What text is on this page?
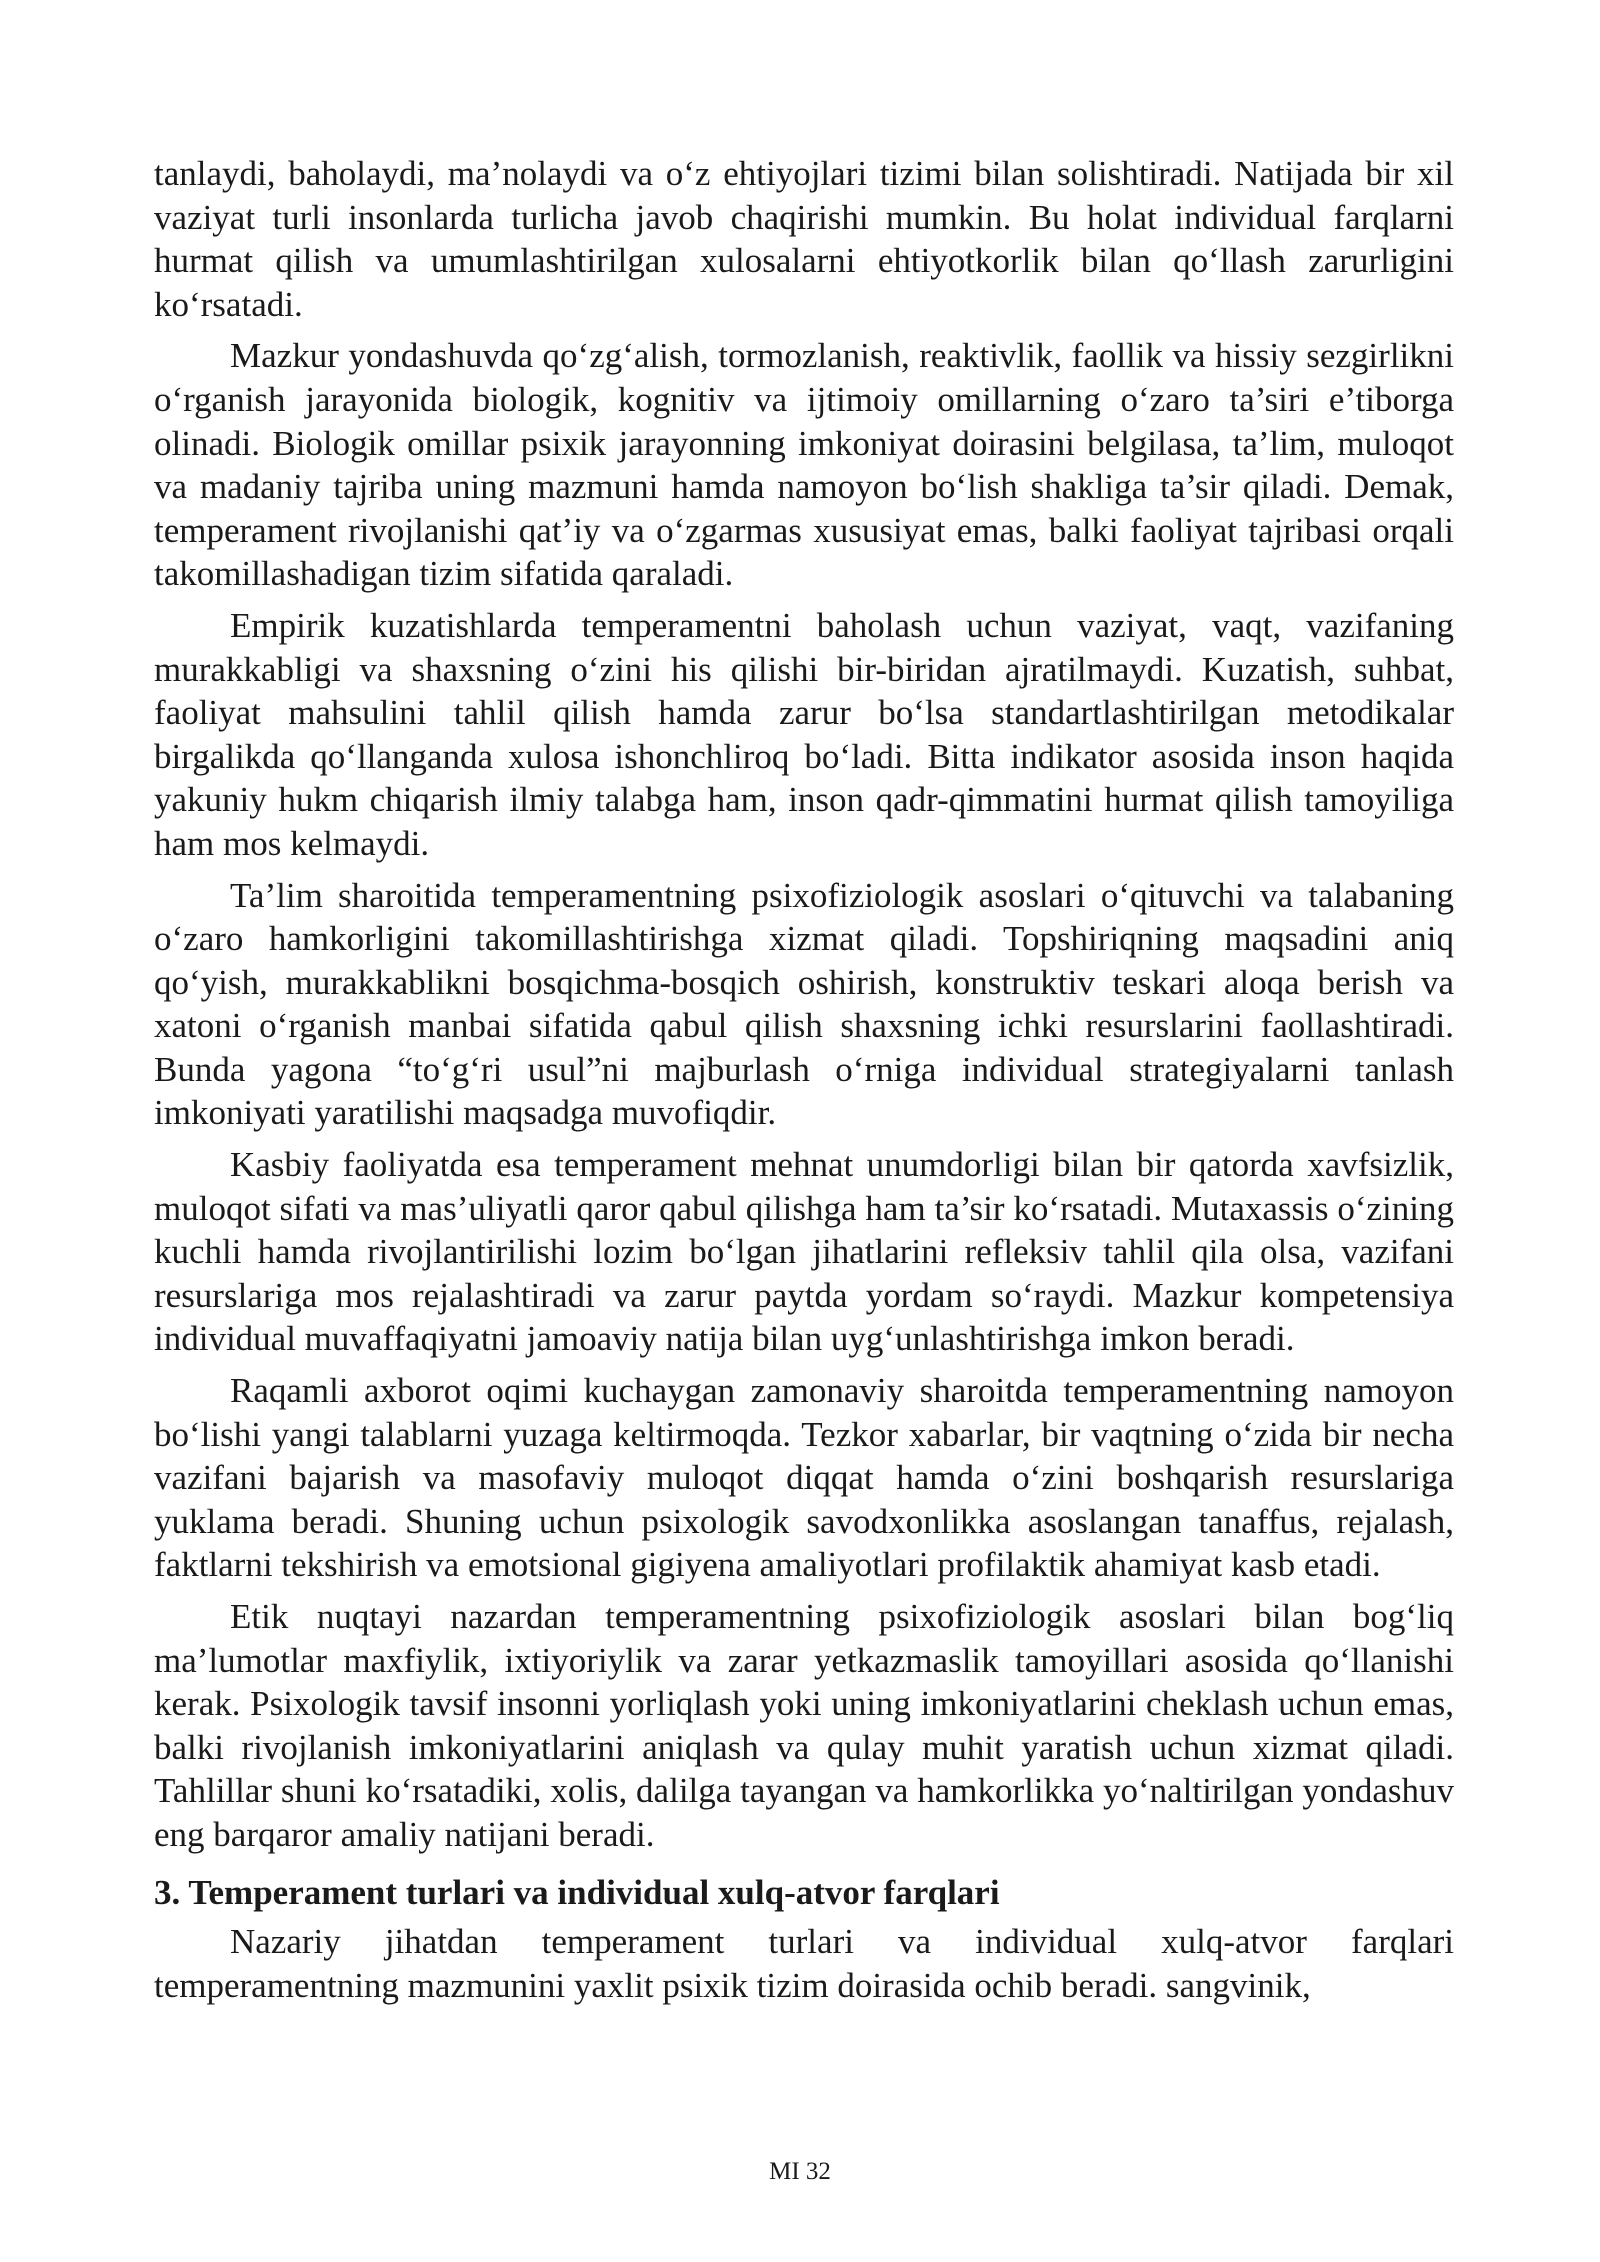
tanlaydi, baholaydi, ma’nolaydi va o‘z ehtiyojlari tizimi bilan solishtiradi. Natijada bir xil vaziyat turli insonlarda turlicha javob chaqirishi mumkin. Bu holat individual farqlarni hurmat qilish va umumlashtirilgan xulosalarni ehtiyotkorlik bilan qo‘llash zarurligini ko‘rsatadi.

Mazkur yondashuvda qo‘zg‘alish, tormozlanish, reaktivlik, faollik va hissiy sezgirlikni o‘rganish jarayonida biologik, kognitiv va ijtimoiy omillarning o‘zaro ta’siri e’tiborga olinadi. Biologik omillar psixik jarayonning imkoniyat doirasini belgilasa, ta’lim, muloqot va madaniy tajriba uning mazmuni hamda namoyon bo‘lish shakliga ta’sir qiladi. Demak, temperament rivojlanishi qat’iy va o‘zgarmas xususiyat emas, balki faoliyat tajribasi orqali takomillashadigan tizim sifatida qaraladi.

Empirik kuzatishlarda temperamentni baholash uchun vaziyat, vaqt, vazifaning murakkabligi va shaxsning o‘zini his qilishi bir-biridan ajratilmaydi. Kuzatish, suhbat, faoliyat mahsulini tahlil qilish hamda zarur bo‘lsa standartlashtirilgan metodikalar birgalikda qo‘llanganda xulosa ishonchliroq bo‘ladi. Bitta indikator asosida inson haqida yakuniy hukm chiqarish ilmiy talabga ham, inson qadr-qimmatini hurmat qilish tamoyiliga ham mos kelmaydi.

Ta’lim sharoitida temperamentning psixofiziologik asoslari o‘qituvchi va talabaning o‘zaro hamkorligini takomillashtirishga xizmat qiladi. Topshiriqning maqsadini aniq qo‘yish, murakkablikni bosqichma-bosqich oshirish, konstruktiv teskari aloqa berish va xatoni o‘rganish manbai sifatida qabul qilish shaxsning ichki resurslarini faollashtiradi. Bunda yagona “to‘g‘ri usul”ni majburlash o‘rniga individual strategiyalarni tanlash imkoniyati yaratilishi maqsadga muvofiqdir.

Kasbiy faoliyatda esa temperament mehnat unumdorligi bilan bir qatorda xavfsizlik, muloqot sifati va mas’uliyatli qaror qabul qilishga ham ta’sir ko‘rsatadi. Mutaxassis o‘zining kuchli hamda rivojlantirilishi lozim bo‘lgan jihatlarini refleksiv tahlil qila olsa, vazifani resurslariga mos rejalashtiradi va zarur paytda yordam so‘raydi. Mazkur kompetensiya individual muvaffaqiyatni jamoaviy natija bilan uyg‘unlashtirishga imkon beradi.

Raqamli axborot oqimi kuchaygan zamonaviy sharoitda temperamentning namoyon bo‘lishi yangi talablarni yuzaga keltirmoqda. Tezkor xabarlar, bir vaqtning o‘zida bir necha vazifani bajarish va masofaviy muloqot diqqat hamda o‘zini boshqarish resurslariga yuklama beradi. Shuning uchun psixologik savodxonlikka asoslangan tanaffus, rejalash, faktlarni tekshirish va emotsional gigiyena amaliyotlari profilaktik ahamiyat kasb etadi.

Etik nuqtayi nazardan temperamentning psixofiziologik asoslari bilan bog‘liq ma’lumotlar maxfiylik, ixtiyoriylik va zarar yetkazmaslik tamoyillari asosida qo‘llanishi kerak. Psixologik tavsif insonni yorliqlash yoki uning imkoniyatlarini cheklash uchun emas, balki rivojlanish imkoniyatlarini aniqlash va qulay muhit yaratish uchun xizmat qiladi. Tahlillar shuni ko‘rsatadiki, xolis, dalilga tayangan va hamkorlikka yo‘naltirilgan yondashuv eng barqaror amaliy natijani beradi.

3. Temperament turlari va individual xulq-atvor farqlari

Nazariy jihatdan temperament turlari va individual xulq-atvor farqlari temperamentning mazmunini yaxlit psixik tizim doirasida ochib beradi. sangvinik,

MI 32
